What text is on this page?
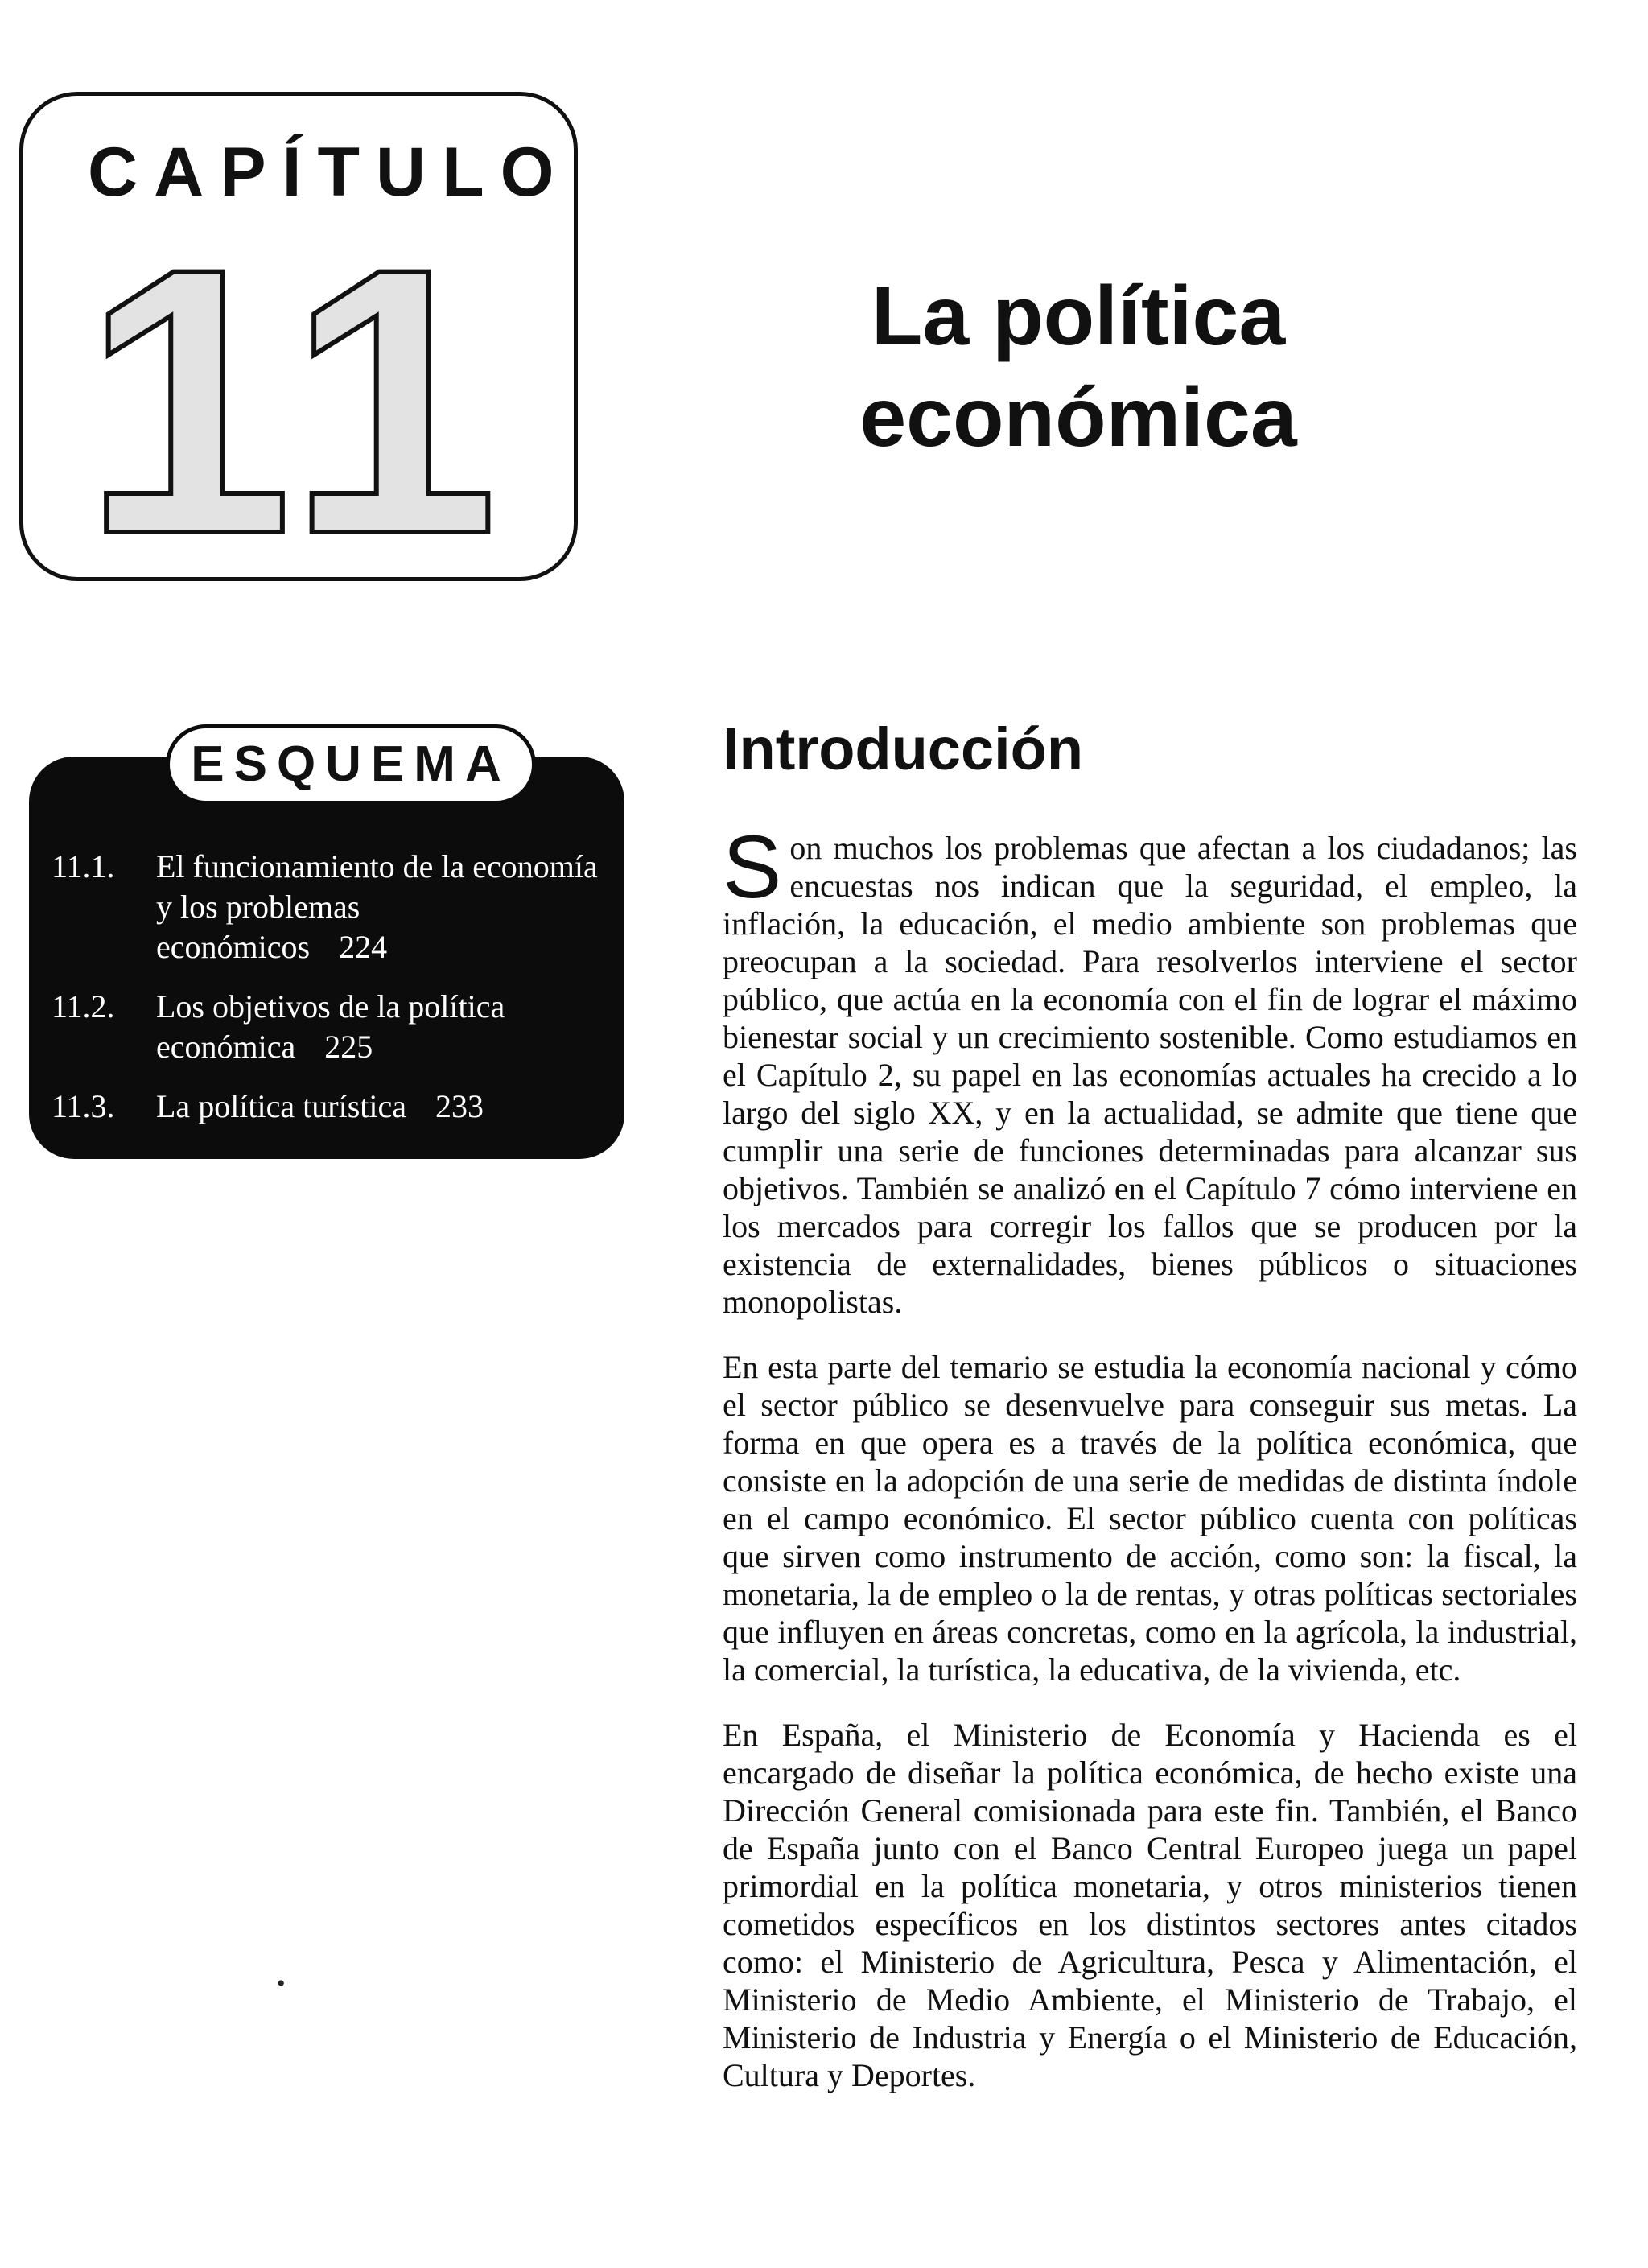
CAPÍTULO
11	La política
económica
ESQUEMA
11.1.	El funcionamiento de la economía y los problemas económicos 224
11.2.	Los objetivos de la política económica 225
11.3.	La política turística 233
Introducción

Son muchos los problemas que afectan a los ciudadanos; las encuestas nos indican que la seguridad, el empleo, la inflación, la educación, el medio ambiente son problemas que preocupan a la sociedad. Para resolverlos interviene el sector público, que actúa en la economía con el fin de lograr el máximo bienestar social y un crecimiento sostenible. Como estudiamos en el Capítulo 2, su papel en las economías actuales ha crecido a lo largo del siglo XX, y en la actualidad, se admite que tiene que cumplir una serie de funciones determinadas para alcanzar sus objetivos. También se analizó en el Capítulo 7 cómo interviene en los mercados para corregir los fallos que se producen por la existencia de externalidades, bienes públicos o situaciones monopolistas.

En esta parte del temario se estudia la economía nacional y cómo el sector público se desenvuelve para conseguir sus metas. La forma en que opera es a través de la política económica, que consiste en la adopción de una serie de medidas de distinta índole en el campo económico. El sector público cuenta con políticas que sirven como instrumento de acción, como son: la fiscal, la monetaria, la de empleo o la de rentas, y otras políticas sectoriales que influyen en áreas concretas, como en la agrícola, la industrial, la comercial, la turística, la educativa, de la vivienda, etc.

En España, el Ministerio de Economía y Hacienda es el encargado de diseñar la política económica, de hecho existe una Dirección General comisionada para este fin. También, el Banco de España junto con el Banco Central Europeo juega un papel primordial en la política monetaria, y otros ministerios tienen cometidos específicos en los distintos sectores antes citados como: el Ministerio de Agricultura, Pesca y Alimentación, el Ministerio de Medio Ambiente, el Ministerio de Trabajo, el Ministerio de Industria y Energía o el Ministerio de Educación, Cultura y Deportes.

•
